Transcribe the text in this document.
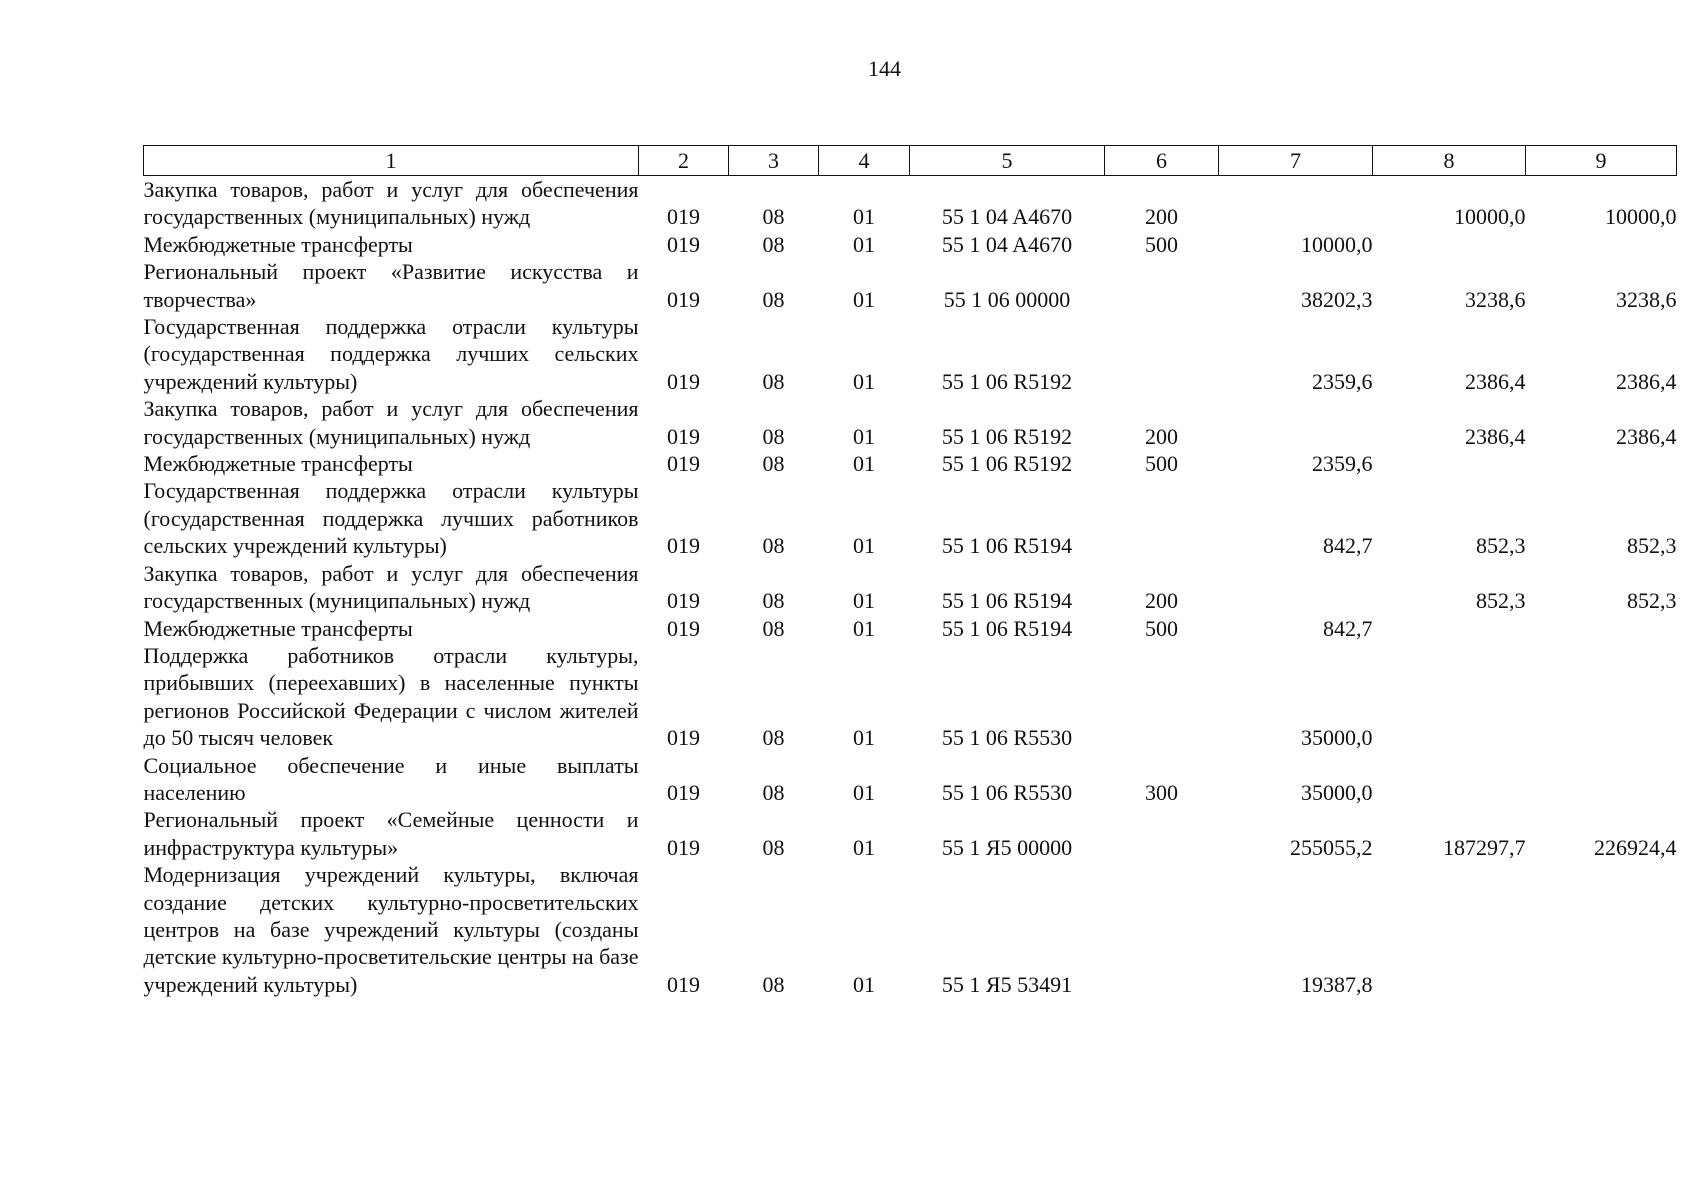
144
1	2	3	4	5	6	7	8	9
Закупка товаров, работ и услуг для обеспечения государственных (муниципальных) нужд	019	08	01	55 1 04 A4670	200		10000,0	10000,0
Межбюджетные трансферты	019	08	01	55 1 04 A4670	500	10000,0		
Региональный проект «Развитие искусства и творчества»	019	08	01	55 1 06 00000		38202,3	3238,6	3238,6
Государственная поддержка отрасли культуры (государственная поддержка лучших сельских учреждений культуры)	019	08	01	55 1 06 R5192		2359,6	2386,4	2386,4
Закупка товаров, работ и услуг для обеспечения государственных (муниципальных) нужд	019	08	01	55 1 06 R5192	200		2386,4	2386,4
Межбюджетные трансферты	019	08	01	55 1 06 R5192	500	2359,6		
Государственная поддержка отрасли культуры (государственная поддержка лучших работников сельских учреждений культуры)	019	08	01	55 1 06 R5194		842,7	852,3	852,3
Закупка товаров, работ и услуг для обеспечения государственных (муниципальных) нужд	019	08	01	55 1 06 R5194	200		852,3	852,3
Межбюджетные трансферты	019	08	01	55 1 06 R5194	500	842,7		
Поддержка работников отрасли культуры, прибывших (переехавших) в населенные пункты регионов Российской Федерации с числом жителей до 50 тысяч человек	019	08	01	55 1 06 R5530		35000,0		
Социальное обеспечение и иные выплаты населению	019	08	01	55 1 06 R5530	300	35000,0		
Региональный проект «Семейные ценности и инфраструктура культуры»	019	08	01	55 1 Я5 00000		255055,2	187297,7	226924,4
Модернизация учреждений культуры, включая создание детских культурно-просветительских центров на базе учреждений культуры (созданы детские культурно-просветительские центры на базе учреждений культуры)	019	08	01	55 1 Я5 53491		19387,8		
